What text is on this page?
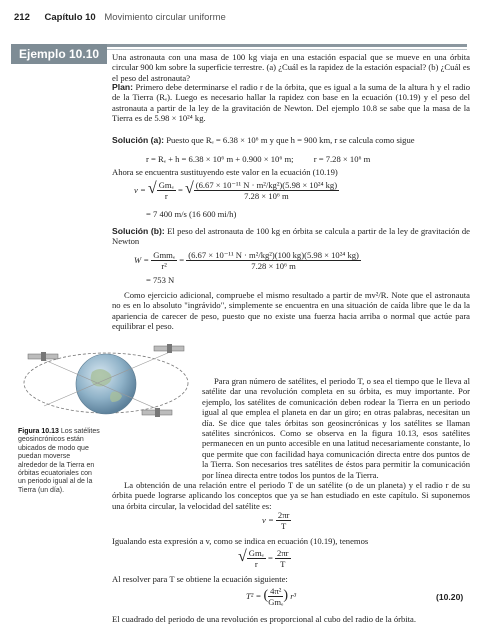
212 Capítulo 10 Movimiento circular uniforme
Ejemplo 10.10	Una astronauta con una masa de 100 kg viaja en una estación espacial que se mueve en una órbita circular 900 km sobre la superficie terrestre. (a) ¿Cuál es la rapidez de la estación espacial? (b) ¿Cuál es el peso del astronauta?

Plan: Primero debe determinarse el radio r de la órbita, que es igual a la suma de la altura h y el radio de la Tierra (Rₑ). Luego es necesario hallar la rapidez con base en la ecuación (10.19) y el peso del astronauta a partir de la ley de la gravitación de Newton. Del ejemplo 10.8 se sabe que la masa de la Tierra es de 5.98 × 10²⁴ kg.

Solución (a): Puesto que Rₑ = 6.38 × 10⁶ m y que h = 900 km, r se calcula como sigue

r = Rₑ + h = 6.38 × 10⁶ m + 0.900 × 10⁶ m; r = 7.28 × 10⁶ m

Ahora se encuentra sustituyendo este valor en la ecuación (10.19)

v = √ Gmₑ
r
= √ $\frac{\text{(6.67 × 10⁻¹¹ N · m²/kg²)(5.98 × 10²⁴ kg)}}{\text{7.28 × 10⁶ m}}$
= 7 400 m/s (16 600 mi/h)

Solución (b): El peso del astronauta de 100 kg en órbita se calcula a partir de la ley de gravitación de Newton

W = Gmmₑ
r²
= $\frac{\text{(6.67 × 10⁻¹¹ N · m²/kg²)(100 kg)(5.98 × 10²⁴ kg)}}{\text{7.28 × 10⁶ m}}$
= 753 N

Como ejercicio adicional, compruebe el mismo resultado a partir de mv²/R. Note que el astronauta no es en lo absoluto "ingrávido", simplemente se encuentra en una situación de caída libre que le da la apariencia de carecer de peso, puesto que no existe una fuerza hacia arriba o normal que actúe para equilibrar el peso.

Figura 10.13 Los satélites geosincrónicos están ubicados de modo que puedan moverse alrededor de la Tierra en órbitas ecuatoriales con un periodo igual al de la Tierra (un día).

Para gran número de satélites, el periodo T, o sea el tiempo que le lleva al satélite dar una revolución completa en su órbita, es muy importante. Por ejemplo, los satélites de comunicación deben rodear la Tierra en un periodo igual al que emplea el planeta en dar un giro; en otras palabras, necesitan un día. Se dice que tales órbitas son geosincrónicas y los satélites se llaman satélites sincrónicos. Como se observa en la figura 10.13, esos satélites permanecen en un punto accesible en una latitud necesariamente constante, lo que permite que con facilidad haya comunicación directa entre dos puntos de la Tierra. Son necesarios tres satélites de éstos para permitir la comunicación por línea directa entre todos los puntos de la Tierra.

La obtención de una relación entre el periodo T de un satélite (o de un planeta) y el radio r de su órbita puede lograrse aplicando los conceptos que ya se han estudiado en este capítulo. Si suponemos una órbita circular, la velocidad del satélite es:

$v = \frac{2\pi r}{T}$

Igualando esta expresión a v, como se indica en ecuación (10.19), tenemos

√ Gmₑ
r
= $\frac{2\pi r}{T}$

Al resolver para T se obtiene la ecuación siguiente:

T² = ( 4π²
Gmₑ ) r³	(10.20)

El cuadrado del periodo de una revolución es proporcional al cubo del radio de la órbita.
